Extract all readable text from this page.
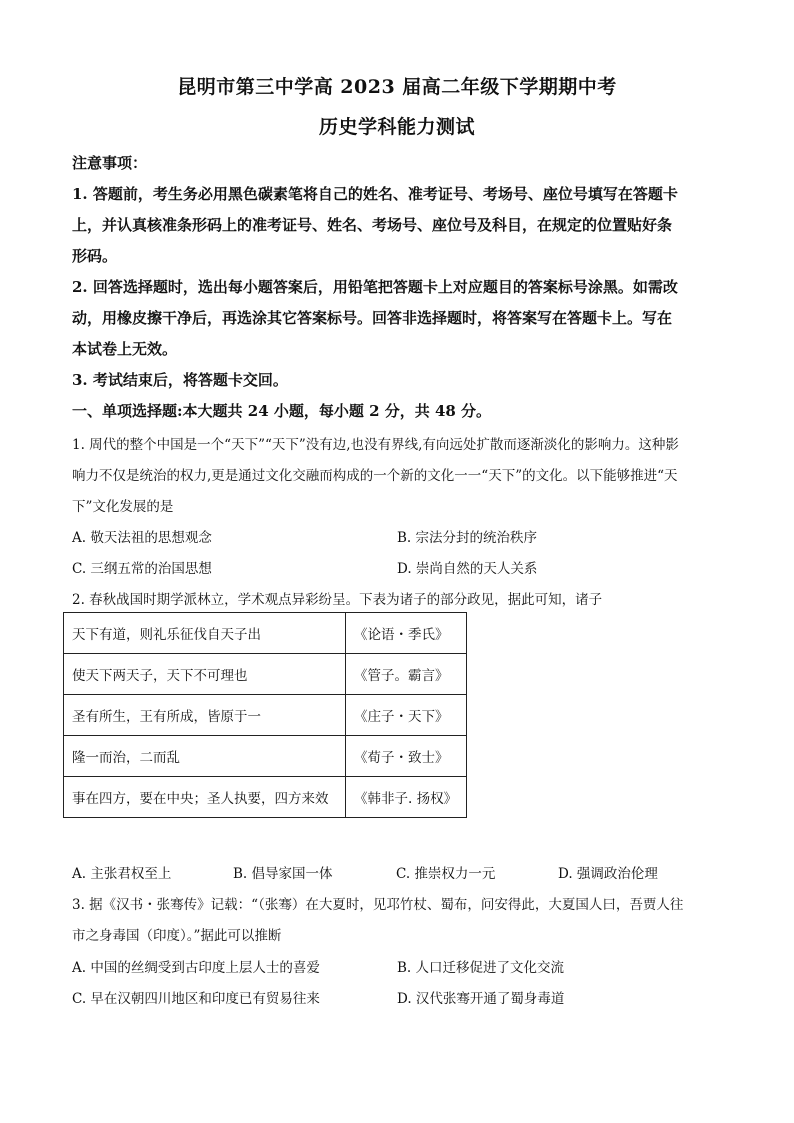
昆明市第三中学高 2023 届高二年级下学期期中考
历史学科能力测试
注意事项：
1. 答题前，考生务必用黑色碳素笔将自己的姓名、准考证号、考场号、座位号填写在答题卡
上，并认真核准条形码上的准考证号、姓名、考场号、座位号及科目，在规定的位置贴好条
形码。
2. 回答选择题时，选出每小题答案后，用铅笔把答题卡上对应题目的答案标号涂黑。如需改
动，用橡皮擦干净后，再选涂其它答案标号。回答非选择题时，将答案写在答题卡上。写在
本试卷上无效。
3. 考试结束后，将答题卡交回。
一、单项选择题:本大题共 24 小题，每小题 2 分，共 48 分。
1. 周代的整个中国是一个“天下”“天下”没有边,也没有界线,有向远处扩散而逐渐淡化的影响力。这种影
响力不仅是统治的权力,更是通过文化交融而构成的一个新的文化一一“天下”的文化。以下能够推进“天
下”文化发展的是
A. 敬天法祖的思想观念	B. 宗法分封的统治秩序
C. 三纲五常的治国思想	D. 崇尚自然的天人关系
2. 春秋战国时期学派林立，学术观点异彩纷呈。下表为诸子的部分政见，据此可知，诸子
天下有道，则礼乐征伐自天子出	《论语・季氏》
使天下两天子，天下不可理也	《管子。霸言》
圣有所生，王有所成，皆原于一	《庄子・天下》
隆一而治，二而乱	《荀子・致士》
事在四方，要在中央；圣人执要，四方来效	《韩非子. 扬权》
A. 主张君权至上	B. 倡导家国一体	C. 推崇权力一元	D. 强调政治伦理
3. 据《汉书・张骞传》记载：“（张骞）在大夏时，见邛竹杖、蜀布，问安得此，大夏国人曰，吾贾人往
市之身毒国（印度）。”据此可以推断
A. 中国的丝绸受到古印度上层人士的喜爱	B. 人口迁移促进了文化交流
C. 早在汉朝四川地区和印度已有贸易往来	D. 汉代张骞开通了蜀身毒道
